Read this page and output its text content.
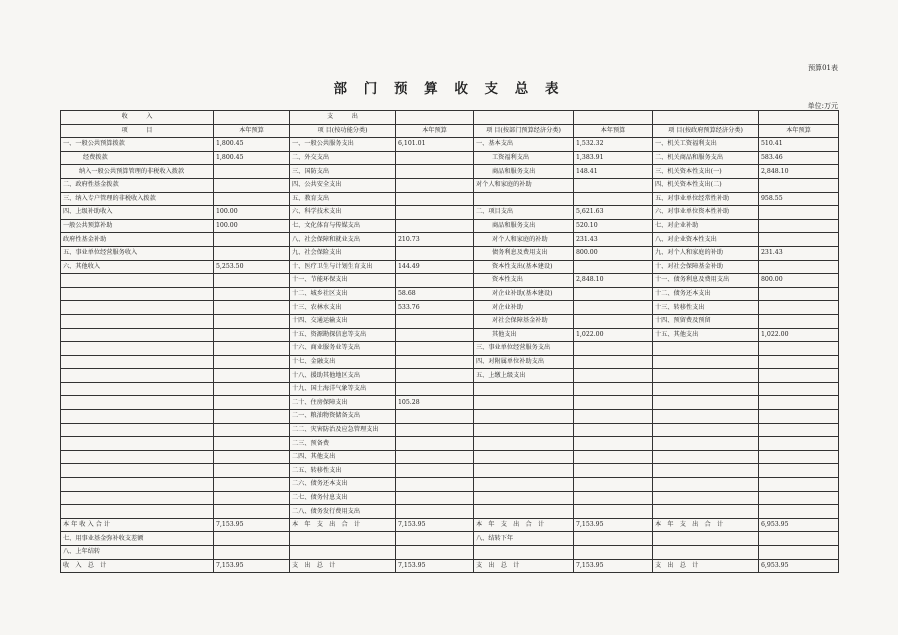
预算01表
部 门 预 算 收 支 总 表
单位:万元
收　　　入		支　　　出					
项　　　目	本年预算	项 目(按功能分类)	本年预算	项 目(按部门预算经济分类)	本年预算	项 目(按政府预算经济分类)	本年预算
一、一般公共预算拨款	1,800.45	一、一般公共服务支出	6,101.01	一、基本支出	1,532.32	一、机关工资福利支出	510.41
经费拨款	1,800.45	二、外交支出		工资福利支出	1,383.91	二、机关商品和服务支出	583.46
纳入一般公共预算管理的非税收入拨款		三、国防支出		商品和服务支出	148.41	三、机关资本性支出(一)	2,848.10
二、政府性基金拨款		四、公共安全支出		对个人和家庭的补助		四、机关资本性支出(二)	
三、纳入专户管理的非税收入拨款		五、教育支出				五、对事业单位经常性补助	958.55
四、上级补助收入	100.00	六、科学技术支出		二、项目支出	5,621.63	六、对事业单位资本性补助	
一般公共预算补助	100.00	七、文化体育与传媒支出		商品和服务支出	520.10	七、对企业补助	
政府性基金补助		八、社会保障和就业支出	210.73	对个人和家庭的补助	231.43	八、对企业资本性支出	
五、事业单位经营服务收入		九、社会保险支出		债务利息及费用支出	800.00	九、对个人和家庭的补助	231.43
六、其他收入	5,253.50	十、医疗卫生与计划生育支出	144.49	资本性支出(基本建设)		十、对社会保障基金补助	
		十一、节能环保支出		资本性支出	2,848.10	十一、债务利息及费用支出	800.00
		十二、城乡社区支出	58.68	对企业补助(基本建设)		十二、债务还本支出	
		十三、农林水支出	533.76	对企业补助		十三、转移性支出	
		十四、交通运输支出		对社会保障基金补助		十四、预留费及预留	
		十五、资源勘探信息等支出		其他支出	1,022.00	十五、其他支出	1,022.00
		十六、商业服务业等支出		三、事业单位经营服务支出			
		十七、金融支出		四、对附属单位补助支出			
		十八、援助其他地区支出		五、上缴上级支出			
		十九、国土海洋气象等支出					
		二十、住房保障支出	105.28				
		二一、粮油物资储备支出					
		二二、灾害防治及应急管理支出					
		二三、预备费					
		二四、其他支出					
		二五、转移性支出					
		二六、债务还本支出					
		二七、债务付息支出					
		二八、债务发行费用支出					
本 年 收 入 合 计	7,153.95	本　年　支　出　合　计	7,153.95	本　年　支　出　合　计	7,153.95	本　年　支　出　合　计	6,953.95
七、用事业基金弥补收支差额				八、结转下年			
八、上年结转							
收　入　总　计	7,153.95	支　出　总　计	7,153.95	支　出　总　计	7,153.95	支　出　总　计	6,953.95
